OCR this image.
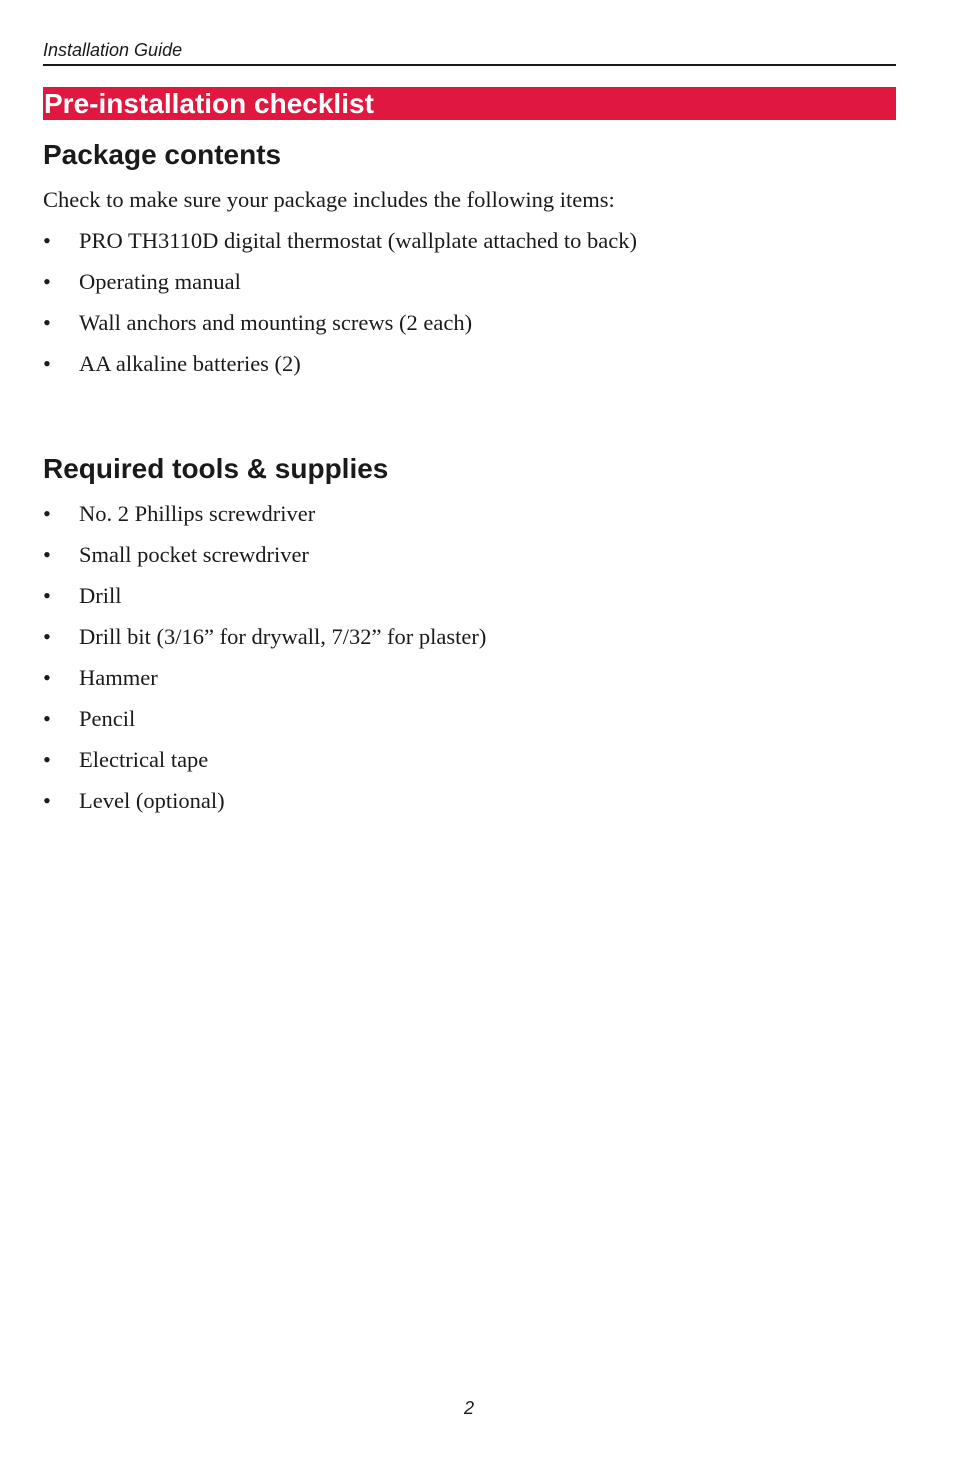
Installation Guide
Pre-installation checklist
Package contents

Check to make sure your package includes the following items:

• PRO TH3110D digital thermostat (wallplate attached to back)
• Operating manual
• Wall anchors and mounting screws (2 each)
• AA alkaline batteries (2)
Required tools & supplies
• No. 2 Phillips screwdriver
• Small pocket screwdriver
• Drill
• Drill bit (3/16” for drywall, 7/32” for plaster)
• Hammer
• Pencil
• Electrical tape
• Level (optional)
2
